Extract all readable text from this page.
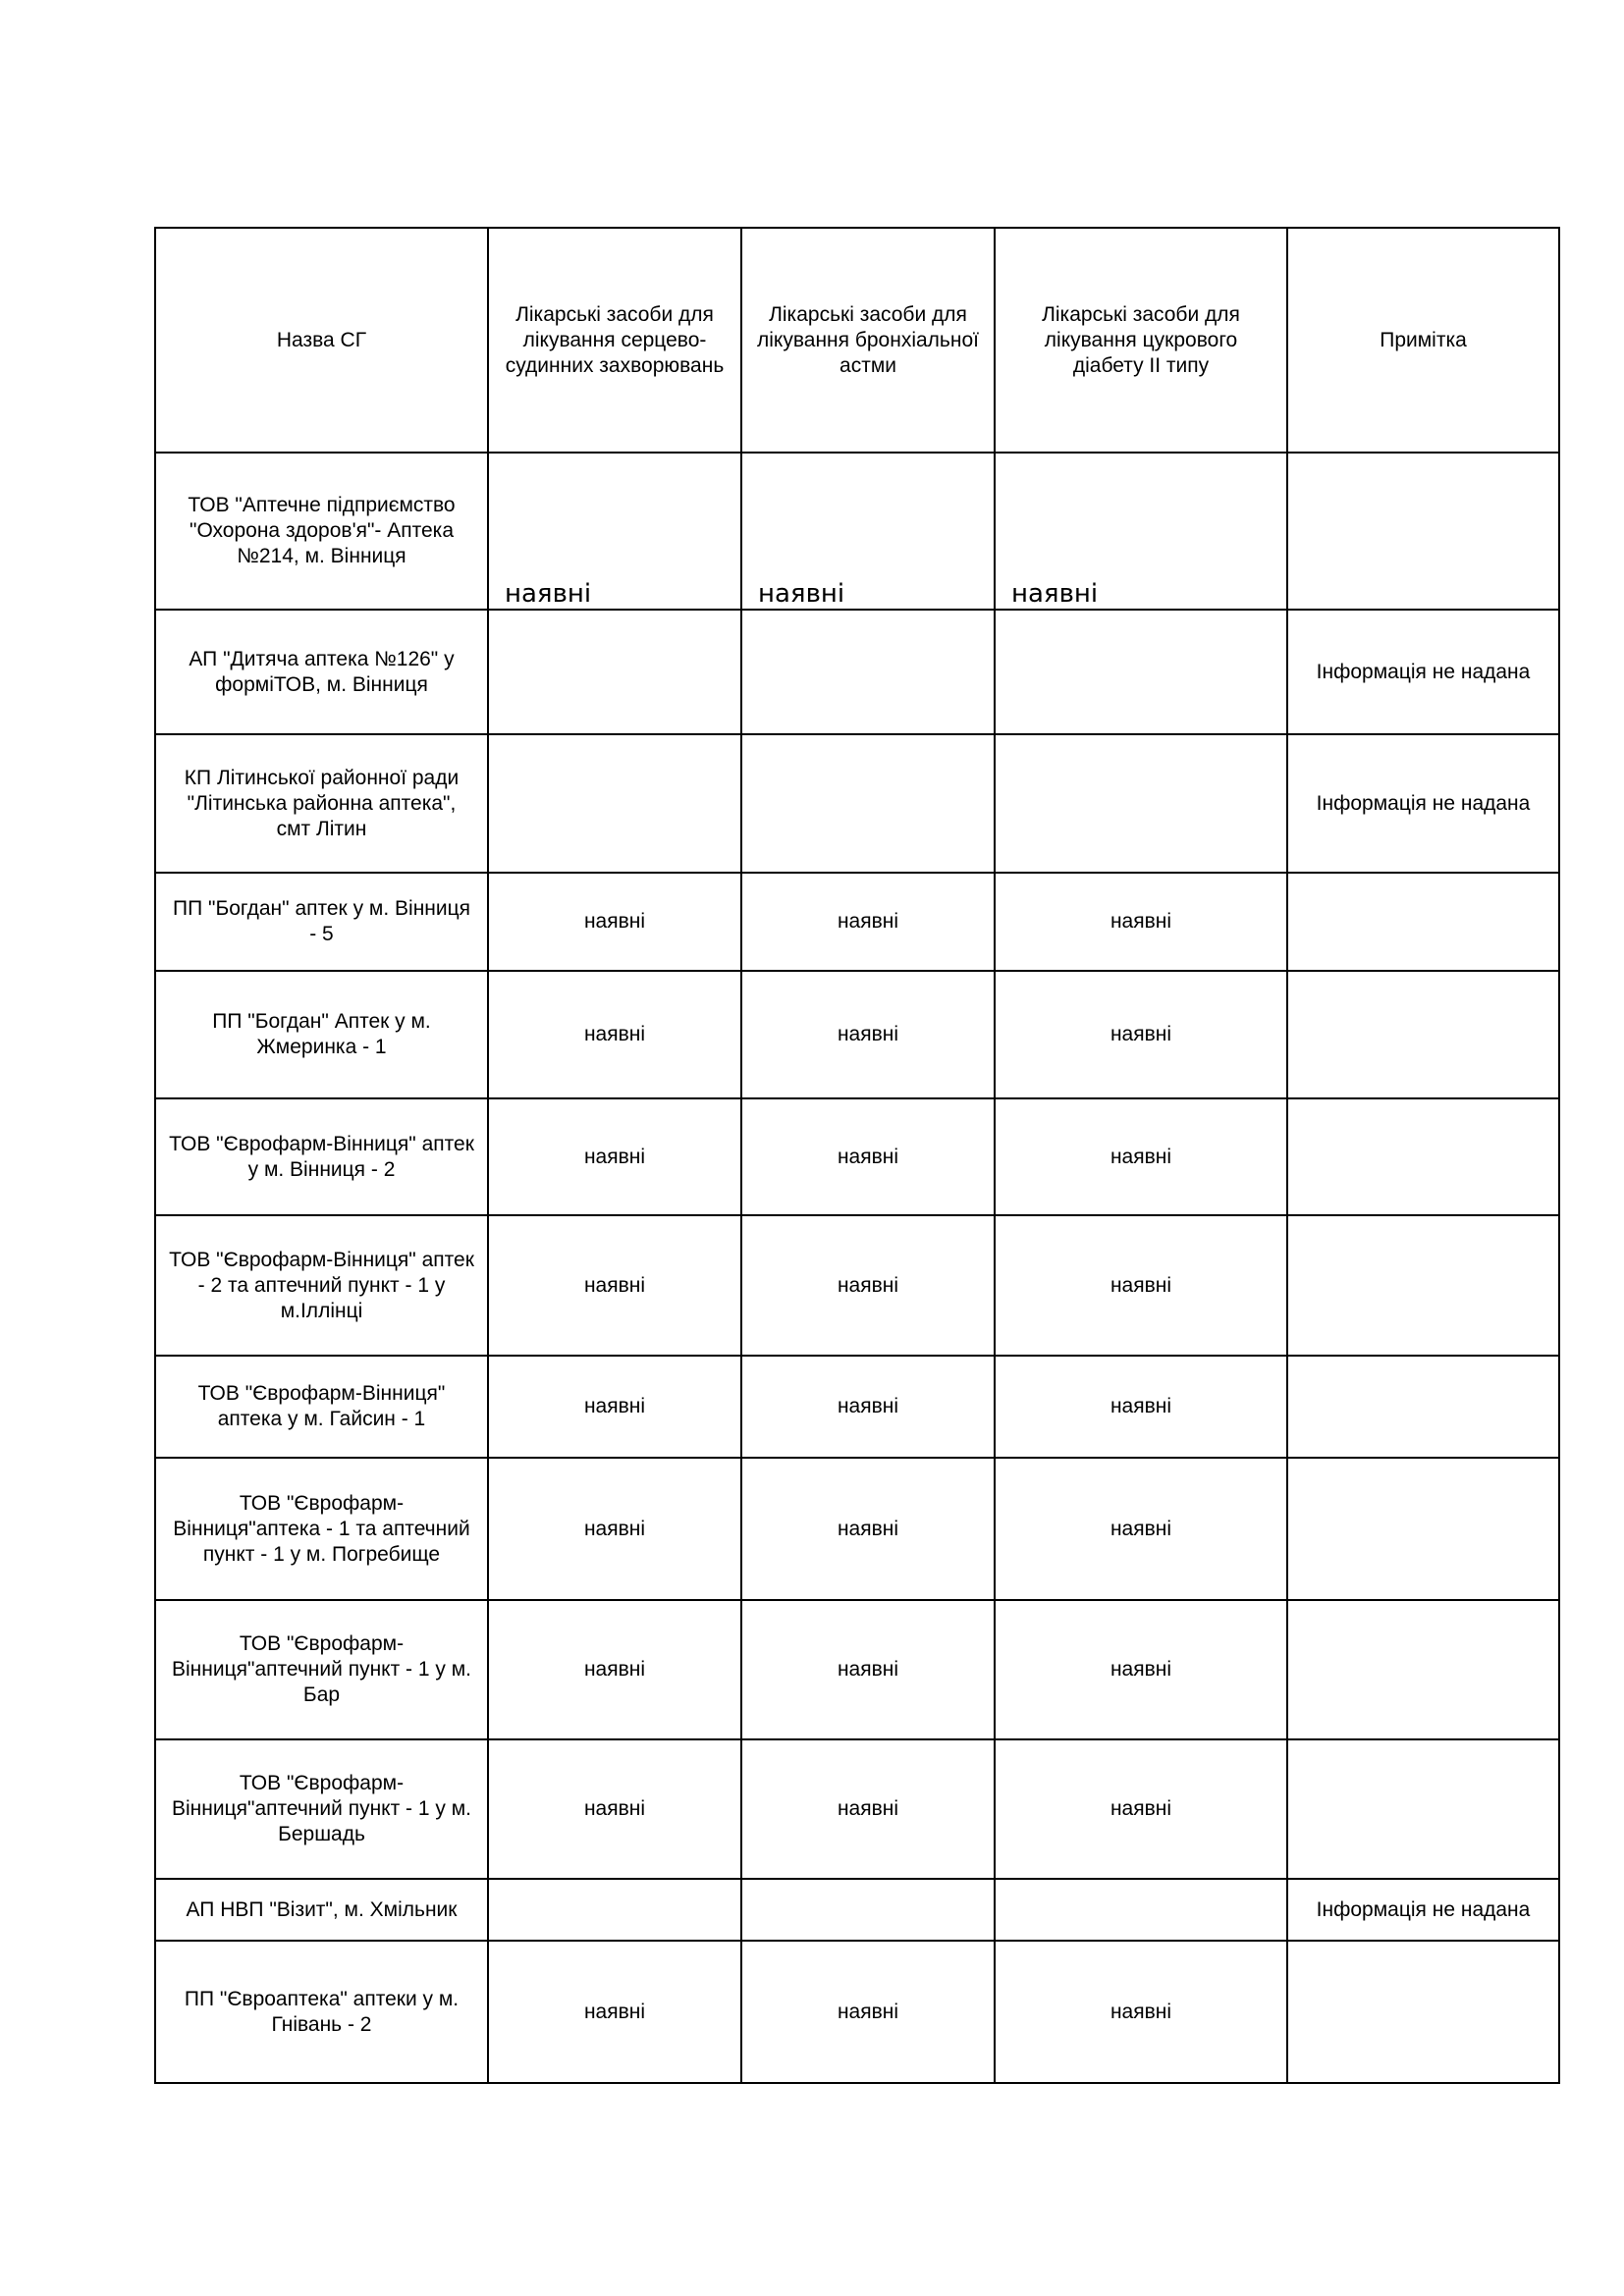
Назва СГ	Лікарські засоби для лікування серцево-судинних захворювань	Лікарські засоби для лікування бронхіальної астми	Лікарські засоби для лікування цукрового діабету ІІ типу	Примітка
ТОВ "Аптечне підприємство "Охорона здоров'я"- Аптека №214, м. Вінниця	наявні	наявні	наявні	
АП "Дитяча аптека №126" у форміТОВ, м. Вінниця				Інформація не надана
КП Літинської районної ради "Літинська районна аптека", смт Літин				Інформація не надана
ПП "Богдан" аптек у м. Вінниця - 5	наявні	наявні	наявні	
ПП "Богдан" Аптек у м. Жмеринка - 1	наявні	наявні	наявні	
ТОВ "Єврофарм-Вінниця" аптек у м. Вінниця - 2	наявні	наявні	наявні	
ТОВ "Єврофарм-Вінниця" аптек - 2 та аптечний пункт - 1 у м.Іллінці	наявні	наявні	наявні	
ТОВ "Єврофарм-Вінниця" аптека у м. Гайсин - 1	наявні	наявні	наявні	
ТОВ "Єврофарм-Вінниця"аптека - 1 та аптечний пункт - 1 у м. Погребище	наявні	наявні	наявні	
ТОВ "Єврофарм-Вінниця"аптечний пункт - 1 у м. Бар	наявні	наявні	наявні	
ТОВ "Єврофарм-Вінниця"аптечний пункт - 1 у м. Бершадь	наявні	наявні	наявні	
АП НВП "Візит", м. Хмільник				Інформація не надана
ПП "Євроаптека" аптеки у м. Гнівань - 2	наявні	наявні	наявні	
